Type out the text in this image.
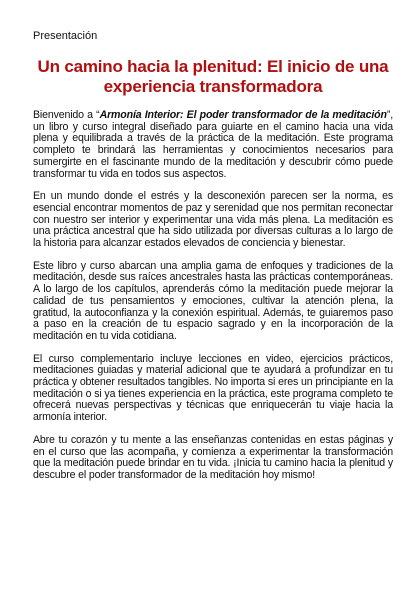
Presentación
Un camino hacia la plenitud: El inicio de una experiencia transformadora

Bienvenido a “Armonía Interior: El poder transformador de la meditación”, un libro y curso integral diseñado para guiarte en el camino hacia una vida plena y equilibrada a través de la práctica de la meditación. Este programa completo te brindará las herramientas y conocimientos necesarios para sumergirte en el fascinante mundo de la meditación y descubrir cómo puede transformar tu vida en todos sus aspectos.

En un mundo donde el estrés y la desconexión parecen ser la norma, es esencial encontrar momentos de paz y serenidad que nos permitan reconectar con nuestro ser interior y experimentar una vida más plena. La meditación es una práctica ancestral que ha sido utilizada por diversas culturas a lo largo de la historia para alcanzar estados elevados de conciencia y bienestar.

Este libro y curso abarcan una amplia gama de enfoques y tradiciones de la meditación, desde sus raíces ancestrales hasta las prácticas contemporáneas. A lo largo de los capítulos, aprenderás cómo la meditación puede mejorar la calidad de tus pensamientos y emociones, cultivar la atención plena, la gratitud, la autoconfianza y la conexión espiritual. Además, te guiaremos paso a paso en la creación de tu espacio sagrado y en la incorporación de la meditación en tu vida cotidiana.

El curso complementario incluye lecciones en video, ejercicios prácticos, meditaciones guiadas y material adicional que te ayudará a profundizar en tu práctica y obtener resultados tangibles. No importa si eres un principiante en la meditación o si ya tienes experiencia en la práctica, este programa completo te ofrecerá nuevas perspectivas y técnicas que enriquecerán tu viaje hacia la armonía interior.

Abre tu corazón y tu mente a las enseñanzas contenidas en estas páginas y en el curso que las acompaña, y comienza a experimentar la transformación que la meditación puede brindar en tu vida. ¡Inicia tu camino hacia la plenitud y descubre el poder transformador de la meditación hoy mismo!
